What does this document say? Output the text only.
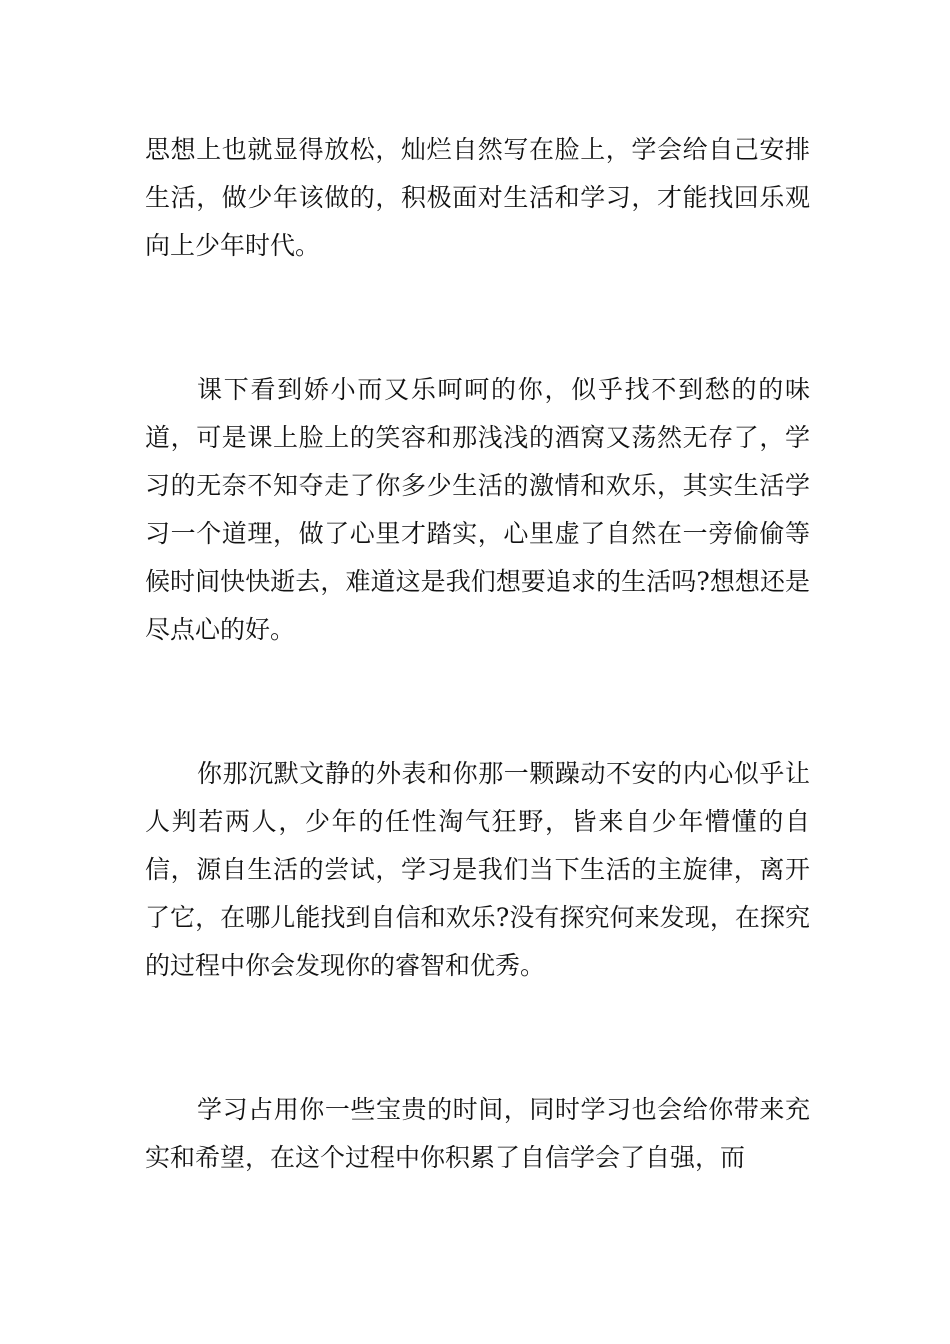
思想上也就显得放松，灿烂自然写在脸上，学会给自己安排生活，做少年该做的，积极面对生活和学习，才能找回乐观向上少年时代。

课下看到娇小而又乐呵呵的你，似乎找不到愁的的味道，可是课上脸上的笑容和那浅浅的酒窝又荡然无存了，学习的无奈不知夺走了你多少生活的激情和欢乐，其实生活学习一个道理，做了心里才踏实，心里虚了自然在一旁偷偷等候时间快快逝去，难道这是我们想要追求的生活吗?想想还是尽点心的好。

你那沉默文静的外表和你那一颗躁动不安的内心似乎让人判若两人，少年的任性淘气狂野，皆来自少年懵懂的自信，源自生活的尝试，学习是我们当下生活的主旋律，离开了它，在哪儿能找到自信和欢乐?没有探究何来发现，在探究的过程中你会发现你的睿智和优秀。

学习占用你一些宝贵的时间，同时学习也会给你带来充实和希望，在这个过程中你积累了自信学会了自强，而
